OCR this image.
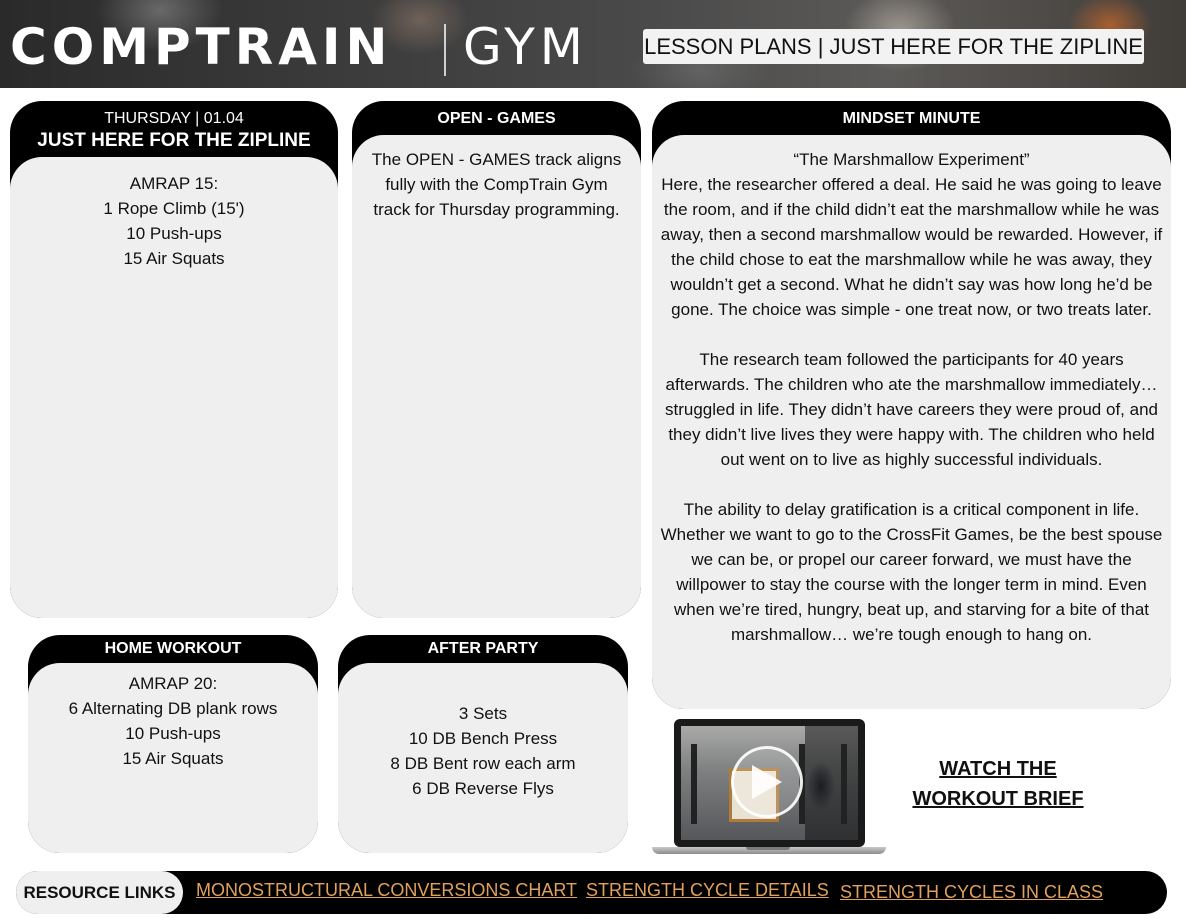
COMPTRAIN GYM	LESSON PLANS | JUST HERE FOR THE ZIPLINE
THURSDAY | 01.04
JUST HERE FOR THE ZIPLINE
AMRAP 15:
1 Rope Climb (15')
10 Push-ups
15 Air Squats
OPEN - GAMES
The OPEN - GAMES track aligns fully with the CompTrain Gym track for Thursday programming.
MINDSET MINUTE
“The Marshmallow Experiment”
Here, the researcher offered a deal. He said he was going to leave the room, and if the child didn’t eat the marshmallow while he was away, then a second marshmallow would be rewarded. However, if the child chose to eat the marshmallow while he was away, they wouldn’t get a second. What he didn’t say was how long he’d be gone. The choice was simple - one treat now, or two treats later.
The research team followed the participants for 40 years afterwards. The children who ate the marshmallow immediately… struggled in life. They didn’t have careers they were proud of, and they didn’t live lives they were happy with. The children who held out went on to live as highly successful individuals.
The ability to delay gratification is a critical component in life. Whether we want to go to the CrossFit Games, be the best spouse we can be, or propel our career forward, we must have the willpower to stay the course with the longer term in mind. Even when we’re tired, hungry, beat up, and starving for a bite of that marshmallow… we’re tough enough to hang on.
HOME WORKOUT
AMRAP 20:
6 Alternating DB plank rows
10 Push-ups
15 Air Squats
AFTER PARTY
3 Sets
10 DB Bench Press
8 DB Bent row each arm
6 DB Reverse Flys
WATCH THE
WORKOUT BRIEF
RESOURCE LINKS	MONOSTRUCTURAL CONVERSIONS CHART STRENGTH CYCLE DETAILS STRENGTH CYCLES IN CLASS
